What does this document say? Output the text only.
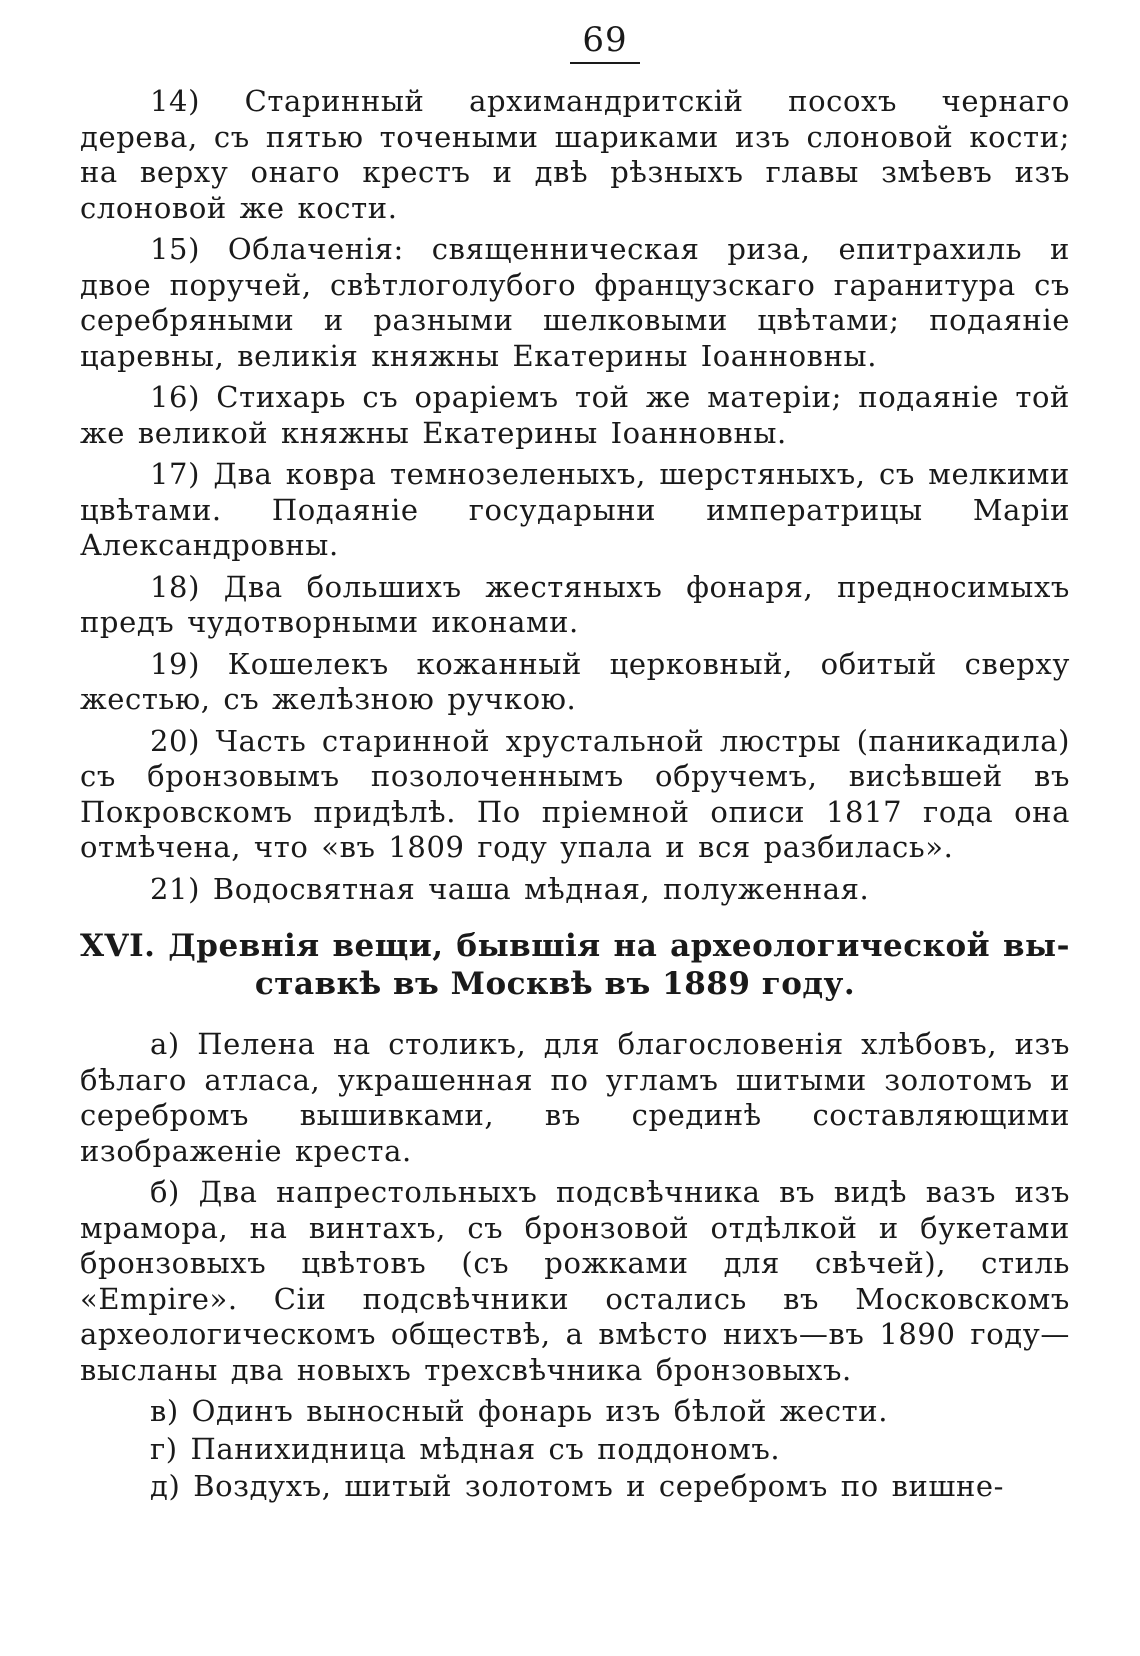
69

14) Старинный архимандритскій посохъ чернаго дерева, съ пятью точеными шариками изъ слоновой кости; на верху онаго крестъ и двѣ рѣзныхъ главы змѣевъ изъ слоновой же кости.

15) Облаченія: священническая риза, епитрахиль и двое поручей, свѣтлоголубого французскаго гаранитура съ серебряными и разными шелковыми цвѣтами; подаяніе царевны, великія княжны Екатерины Іоанновны.

16) Стихарь съ орарiемъ той же матеріи; подаяніе той же великой княжны Екатерины Іоанновны.

17) Два ковра темнозеленыхъ, шерстяныхъ, съ мелкими цвѣтами. Подаяніе государыни императрицы Маріи Александровны.

18) Два большихъ жестяныхъ фонаря, предносимыхъ предъ чудотворными иконами.

19) Кошелекъ кожанный церковный, обитый сверху жестью, съ желѣзною ручкою.

20) Часть старинной хрустальной люстры (паникадила) съ бронзовымъ позолоченнымъ обручемъ, висѣвшей въ Покровскомъ придѣлѣ. По пріемной описи 1817 года она отмѣчена, что «въ 1809 году упала и вся разбилась».

21) Водосвятная чаша мѣдная, полуженная.

XVI. Древнія вещи, бывшія на археологической вы-
ставкѣ въ Москвѣ въ 1889 году.

а) Пелена на столикъ, для благословенія хлѣбовъ, изъ бѣлаго атласа, украшенная по угламъ шитыми золотомъ и серебромъ вышивками, въ срединѣ составляющими изображеніе креста.

б) Два напрестольныхъ подсвѣчника въ видѣ вазъ изъ мрамора, на винтахъ, съ бронзовой отдѣлкой и букетами бронзовыхъ цвѣтовъ (съ рожками для свѣчей), стиль «Empire». Сіи подсвѣчники остались въ Московскомъ археологическомъ обществѣ, а вмѣсто нихъ—въ 1890 году—высланы два новыхъ трехсвѣчника бронзовыхъ.

в) Одинъ выносный фонарь изъ бѣлой жести.

г) Панихидница мѣдная съ поддономъ.

д) Воздухъ, шитый золотомъ и серебромъ по вишне-
